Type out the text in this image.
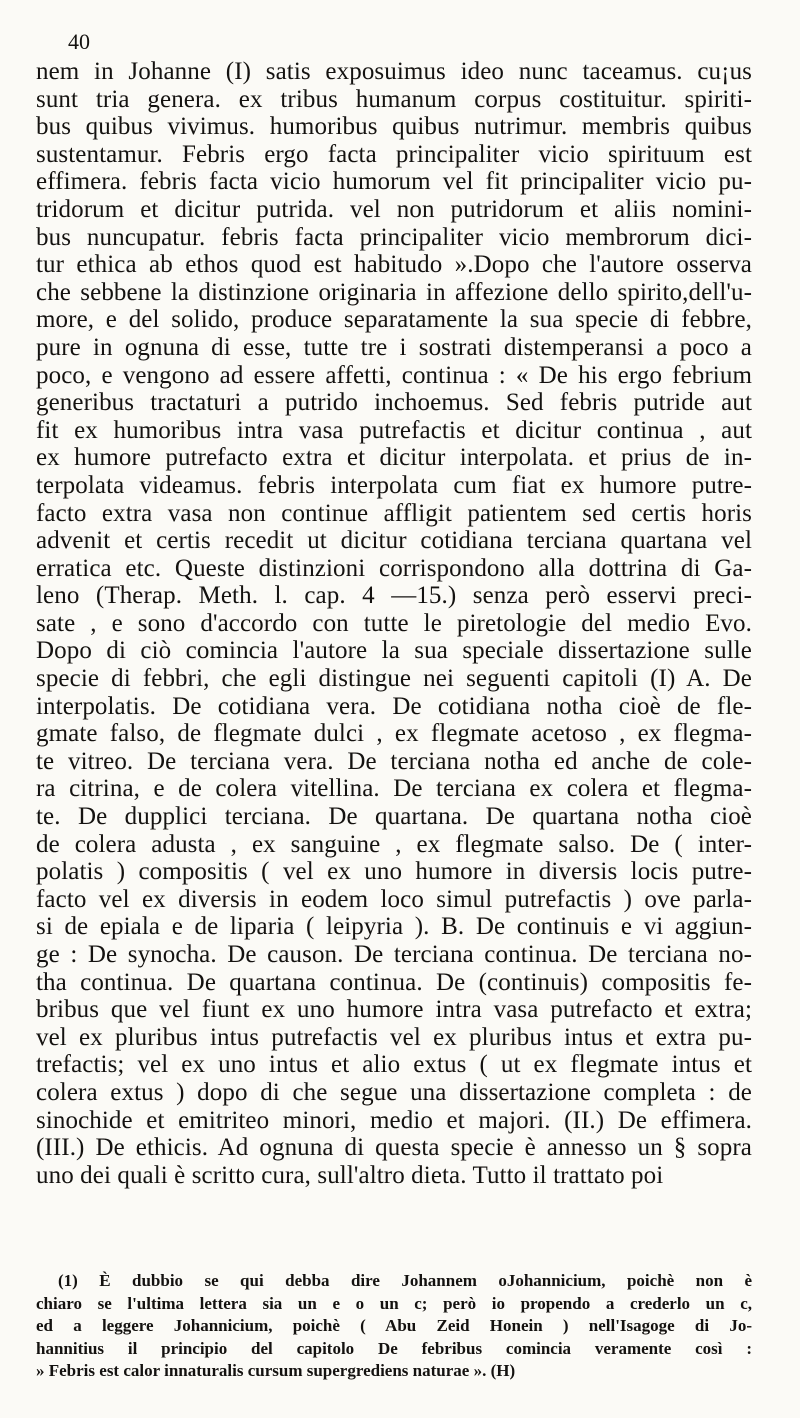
40
nem in Johanne (I) satis exposuimus ideo nunc taceamus. cu¡us
sunt tria genera. ex tribus humanum corpus costituitur. spiriti-
bus quibus vivimus. humoribus quibus nutrimur. membris quibus
sustentamur. Febris ergo facta principaliter vicio spirituum est
effimera. febris facta vicio humorum vel fit principaliter vicio pu-
tridorum et dicitur putrida. vel non putridorum et aliis nomini-
bus nuncupatur. febris facta principaliter vicio membrorum dici-
tur ethica ab ethos quod est habitudo ».Dopo che l'autore osserva
che sebbene la distinzione originaria in affezione dello spirito,dell'u-
more, e del solido, produce separatamente la sua specie di febbre,
pure in ognuna di esse, tutte tre i sostrati distemperansi a poco a
poco, e vengono ad essere affetti, continua : « De his ergo febrium
generibus tractaturi a putrido inchoemus. Sed febris putride aut
fit ex humoribus intra vasa putrefactis et dicitur continua , aut
ex humore putrefacto extra et dicitur interpolata. et prius de in-
terpolata videamus. febris interpolata cum fiat ex humore putre-
facto extra vasa non continue affligit patientem sed certis horis
advenit et certis recedit ut dicitur cotidiana terciana quartana vel
erratica etc. Queste distinzioni corrispondono alla dottrina di Ga-
leno (Therap. Meth. l. cap. 4 —15.) senza però esservi preci-
sate , e sono d'accordo con tutte le piretologie del medio Evo.
Dopo di ciò comincia l'autore la sua speciale dissertazione sulle
specie di febbri, che egli distingue nei seguenti capitoli (I) A. De
interpolatis. De cotidiana vera. De cotidiana notha cioè de fle-
gmate falso, de flegmate dulci , ex flegmate acetoso , ex flegma-
te vitreo. De terciana vera. De terciana notha ed anche de cole-
ra citrina, e de colera vitellina. De terciana ex colera et flegma-
te. De dupplici terciana. De quartana. De quartana notha cioè
de colera adusta , ex sanguine , ex flegmate salso. De ( inter-
polatis ) compositis ( vel ex uno humore in diversis locis putre-
facto vel ex diversis in eodem loco simul putrefactis ) ove parla-
si de epiala e de liparia ( leipyria ). B. De continuis e vi aggiun-
ge : De synocha. De causon. De terciana continua. De terciana no-
tha continua. De quartana continua. De (continuis) compositis fe-
bribus que vel fiunt ex uno humore intra vasa putrefacto et extra;
vel ex pluribus intus putrefactis vel ex pluribus intus et extra pu-
trefactis; vel ex uno intus et alio extus ( ut ex flegmate intus et
colera extus ) dopo di che segue una dissertazione completa : de
sinochide et emitriteo minori, medio et majori. (II.) De effimera.
(III.) De ethicis. Ad ognuna di questa specie è annesso un § sopra
uno dei quali è scritto cura, sull'altro dieta. Tutto il trattato poi
(1) È dubbio se qui debba dire Johannem oJohannicium, poichè non è
chiaro se l'ultima lettera sia un e o un c; però io propendo a crederlo un c,
ed a leggere Johannicium, poichè ( Abu Zeid Honein ) nell'Isagoge di Jo-
hannitius il principio del capitolo De febribus comincia veramente così :
» Febris est calor innaturalis cursum supergrediens naturae ». (H)
